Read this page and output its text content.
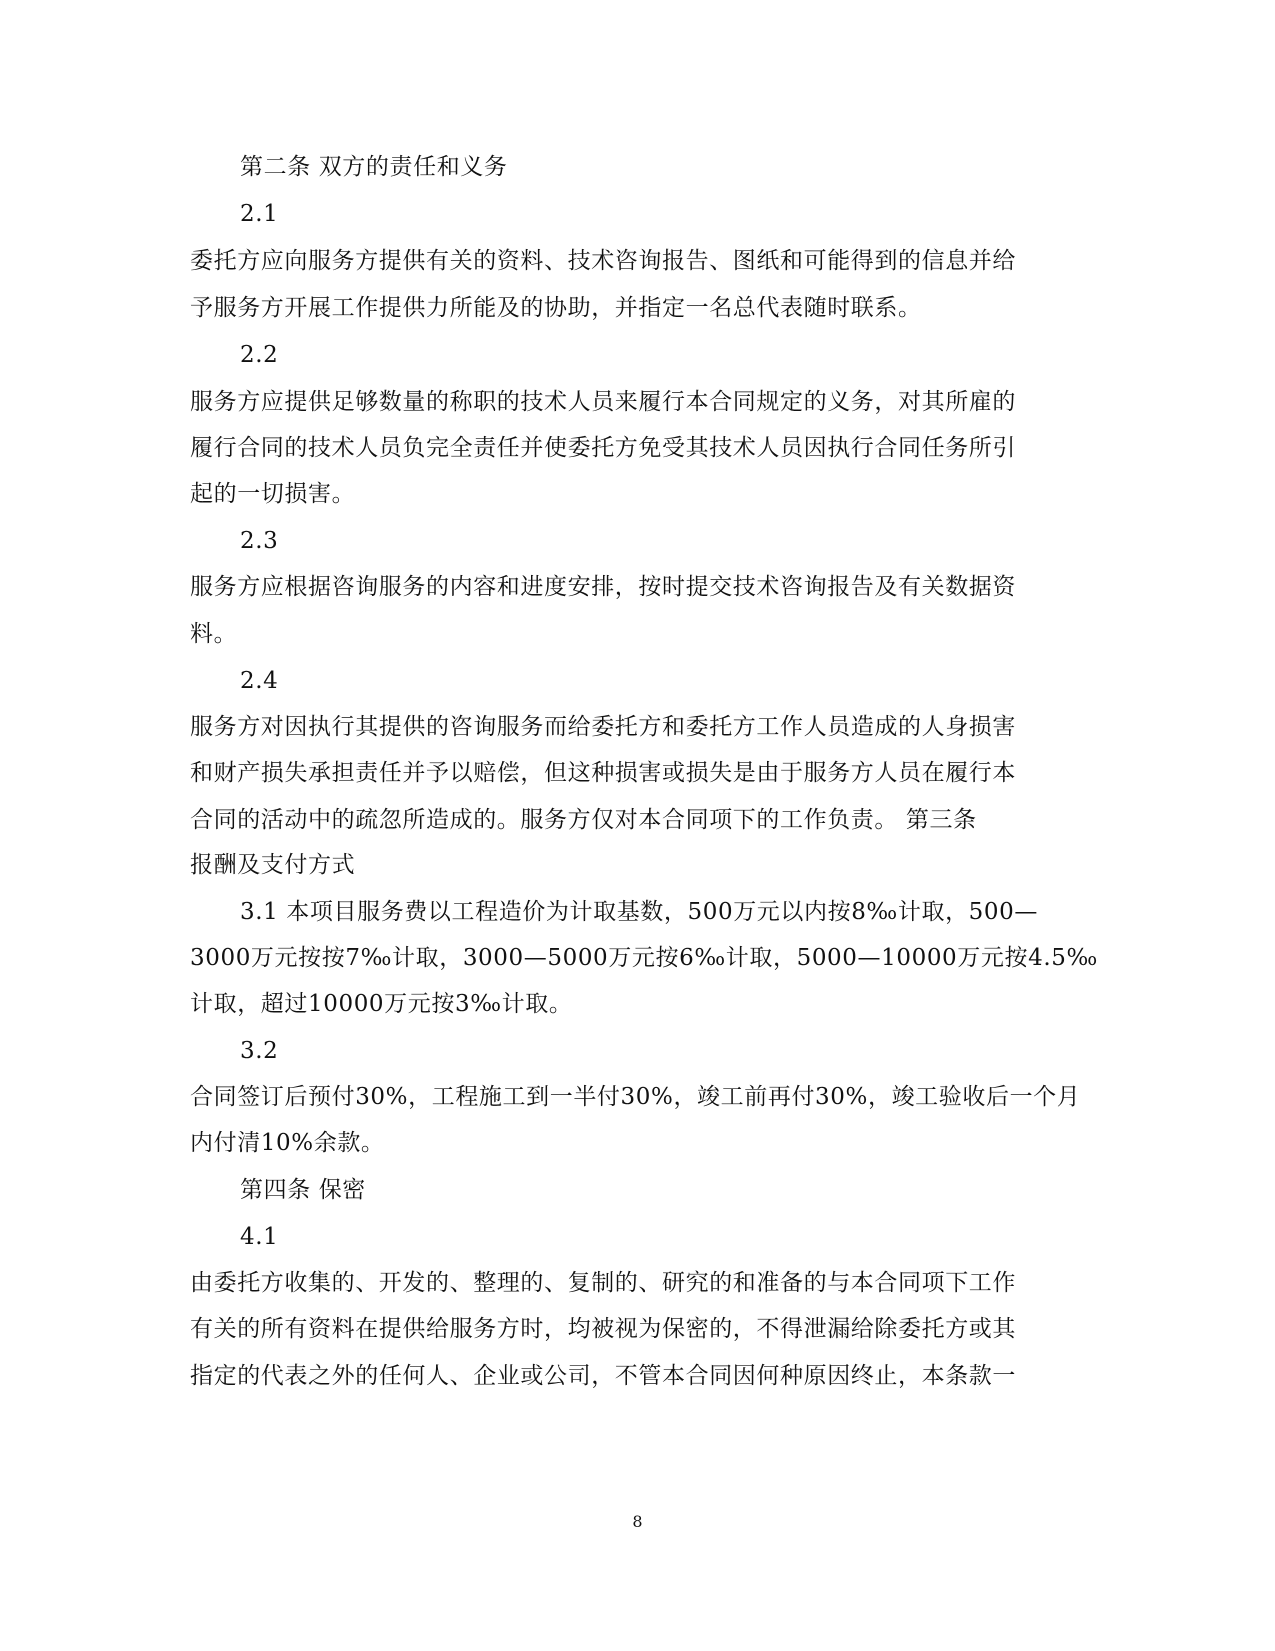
第二条 双方的责任和义务
2.1
委托方应向服务方提供有关的资料、技术咨询报告、图纸和可能得到的信息并给
予服务方开展工作提供力所能及的协助，并指定一名总代表随时联系。
2.2
服务方应提供足够数量的称职的技术人员来履行本合同规定的义务，对其所雇的
履行合同的技术人员负完全责任并使委托方免受其技术人员因执行合同任务所引
起的一切损害。
2.3
服务方应根据咨询服务的内容和进度安排，按时提交技术咨询报告及有关数据资
料。
2.4
服务方对因执行其提供的咨询服务而给委托方和委托方工作人员造成的人身损害
和财产损失承担责任并予以赔偿，但这种损害或损失是由于服务方人员在履行本
合同的活动中的疏忽所造成的。服务方仅对本合同项下的工作负责。 第三条
报酬及支付方式
3.1 本项目服务费以工程造价为计取基数，500万元以内按8‰计取，500—
3000万元按按7‰计取，3000—5000万元按6‰计取，5000—10000万元按4.5‰
计取，超过10000万元按3‰计取。
3.2
合同签订后预付30%，工程施工到一半付30%，竣工前再付30%，竣工验收后一个月
内付清10%余款。
第四条 保密
4.1
由委托方收集的、开发的、整理的、复制的、研究的和准备的与本合同项下工作
有关的所有资料在提供给服务方时，均被视为保密的，不得泄漏给除委托方或其
指定的代表之外的任何人、企业或公司，不管本合同因何种原因终止，本条款一
8
